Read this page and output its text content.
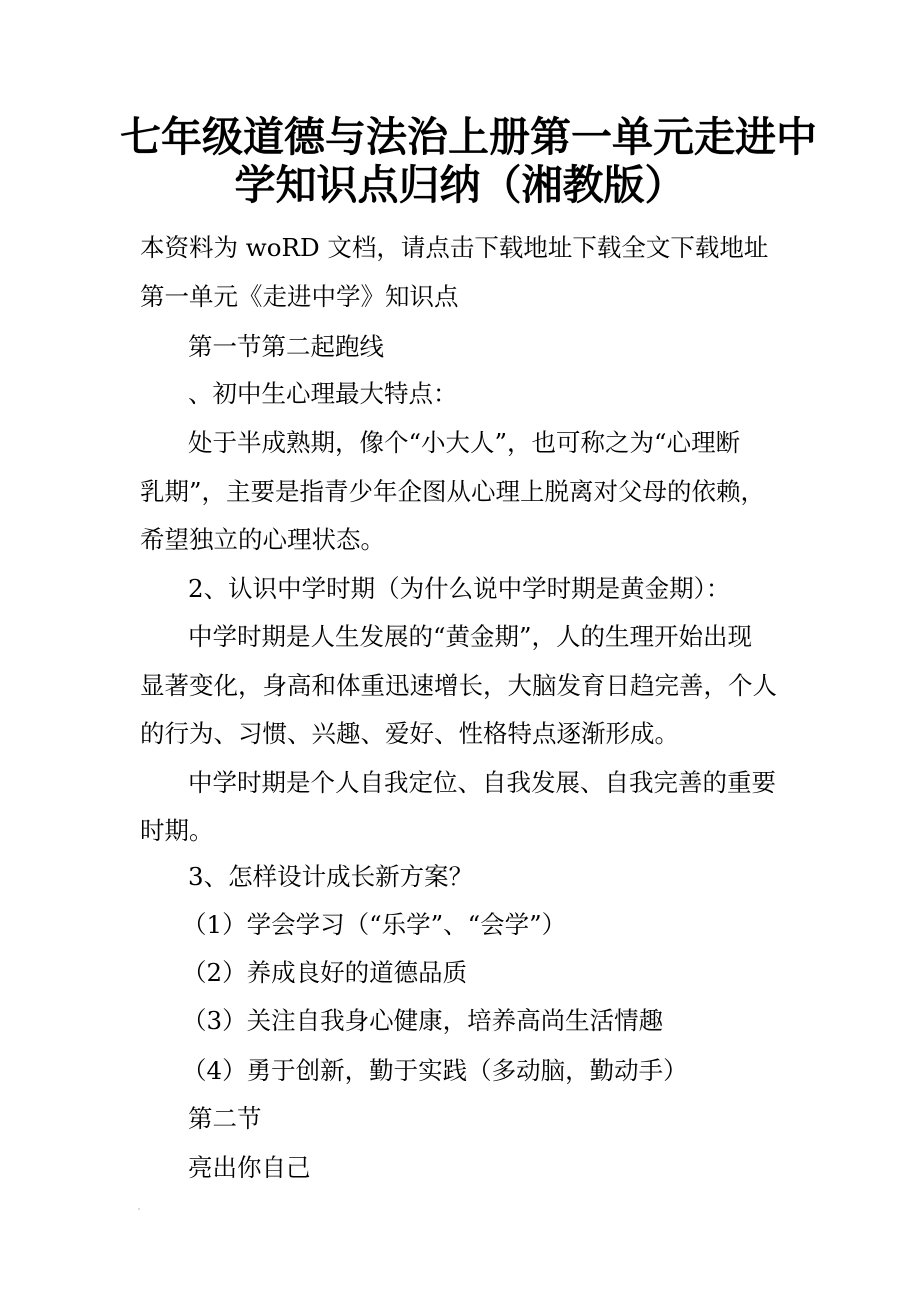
七年级道德与法治上册第一单元走进中
学知识点归纳（湘教版）
本资料为 woRD 文档，请点击下载地址下载全文下载地址
第一单元《走进中学》知识点
第一节第二起跑线
、初中生心理最大特点：
处于半成熟期，像个“小大人”，也可称之为“心理断
乳期”，主要是指青少年企图从心理上脱离对父母的依赖，
希望独立的心理状态。
2、认识中学时期（为什么说中学时期是黄金期）：
中学时期是人生发展的“黄金期”，人的生理开始出现
显著变化，身高和体重迅速增长，大脑发育日趋完善，个人
的行为、习惯、兴趣、爱好、性格特点逐渐形成。
中学时期是个人自我定位、自我发展、自我完善的重要
时期。
3、怎样设计成长新方案？
（1）学会学习（“乐学”、“会学”）
（2）养成良好的道德品质
（3）关注自我身心健康，培养高尚生活情趣
（4）勇于创新，勤于实践（多动脑，勤动手）
第二节
亮出你自己
